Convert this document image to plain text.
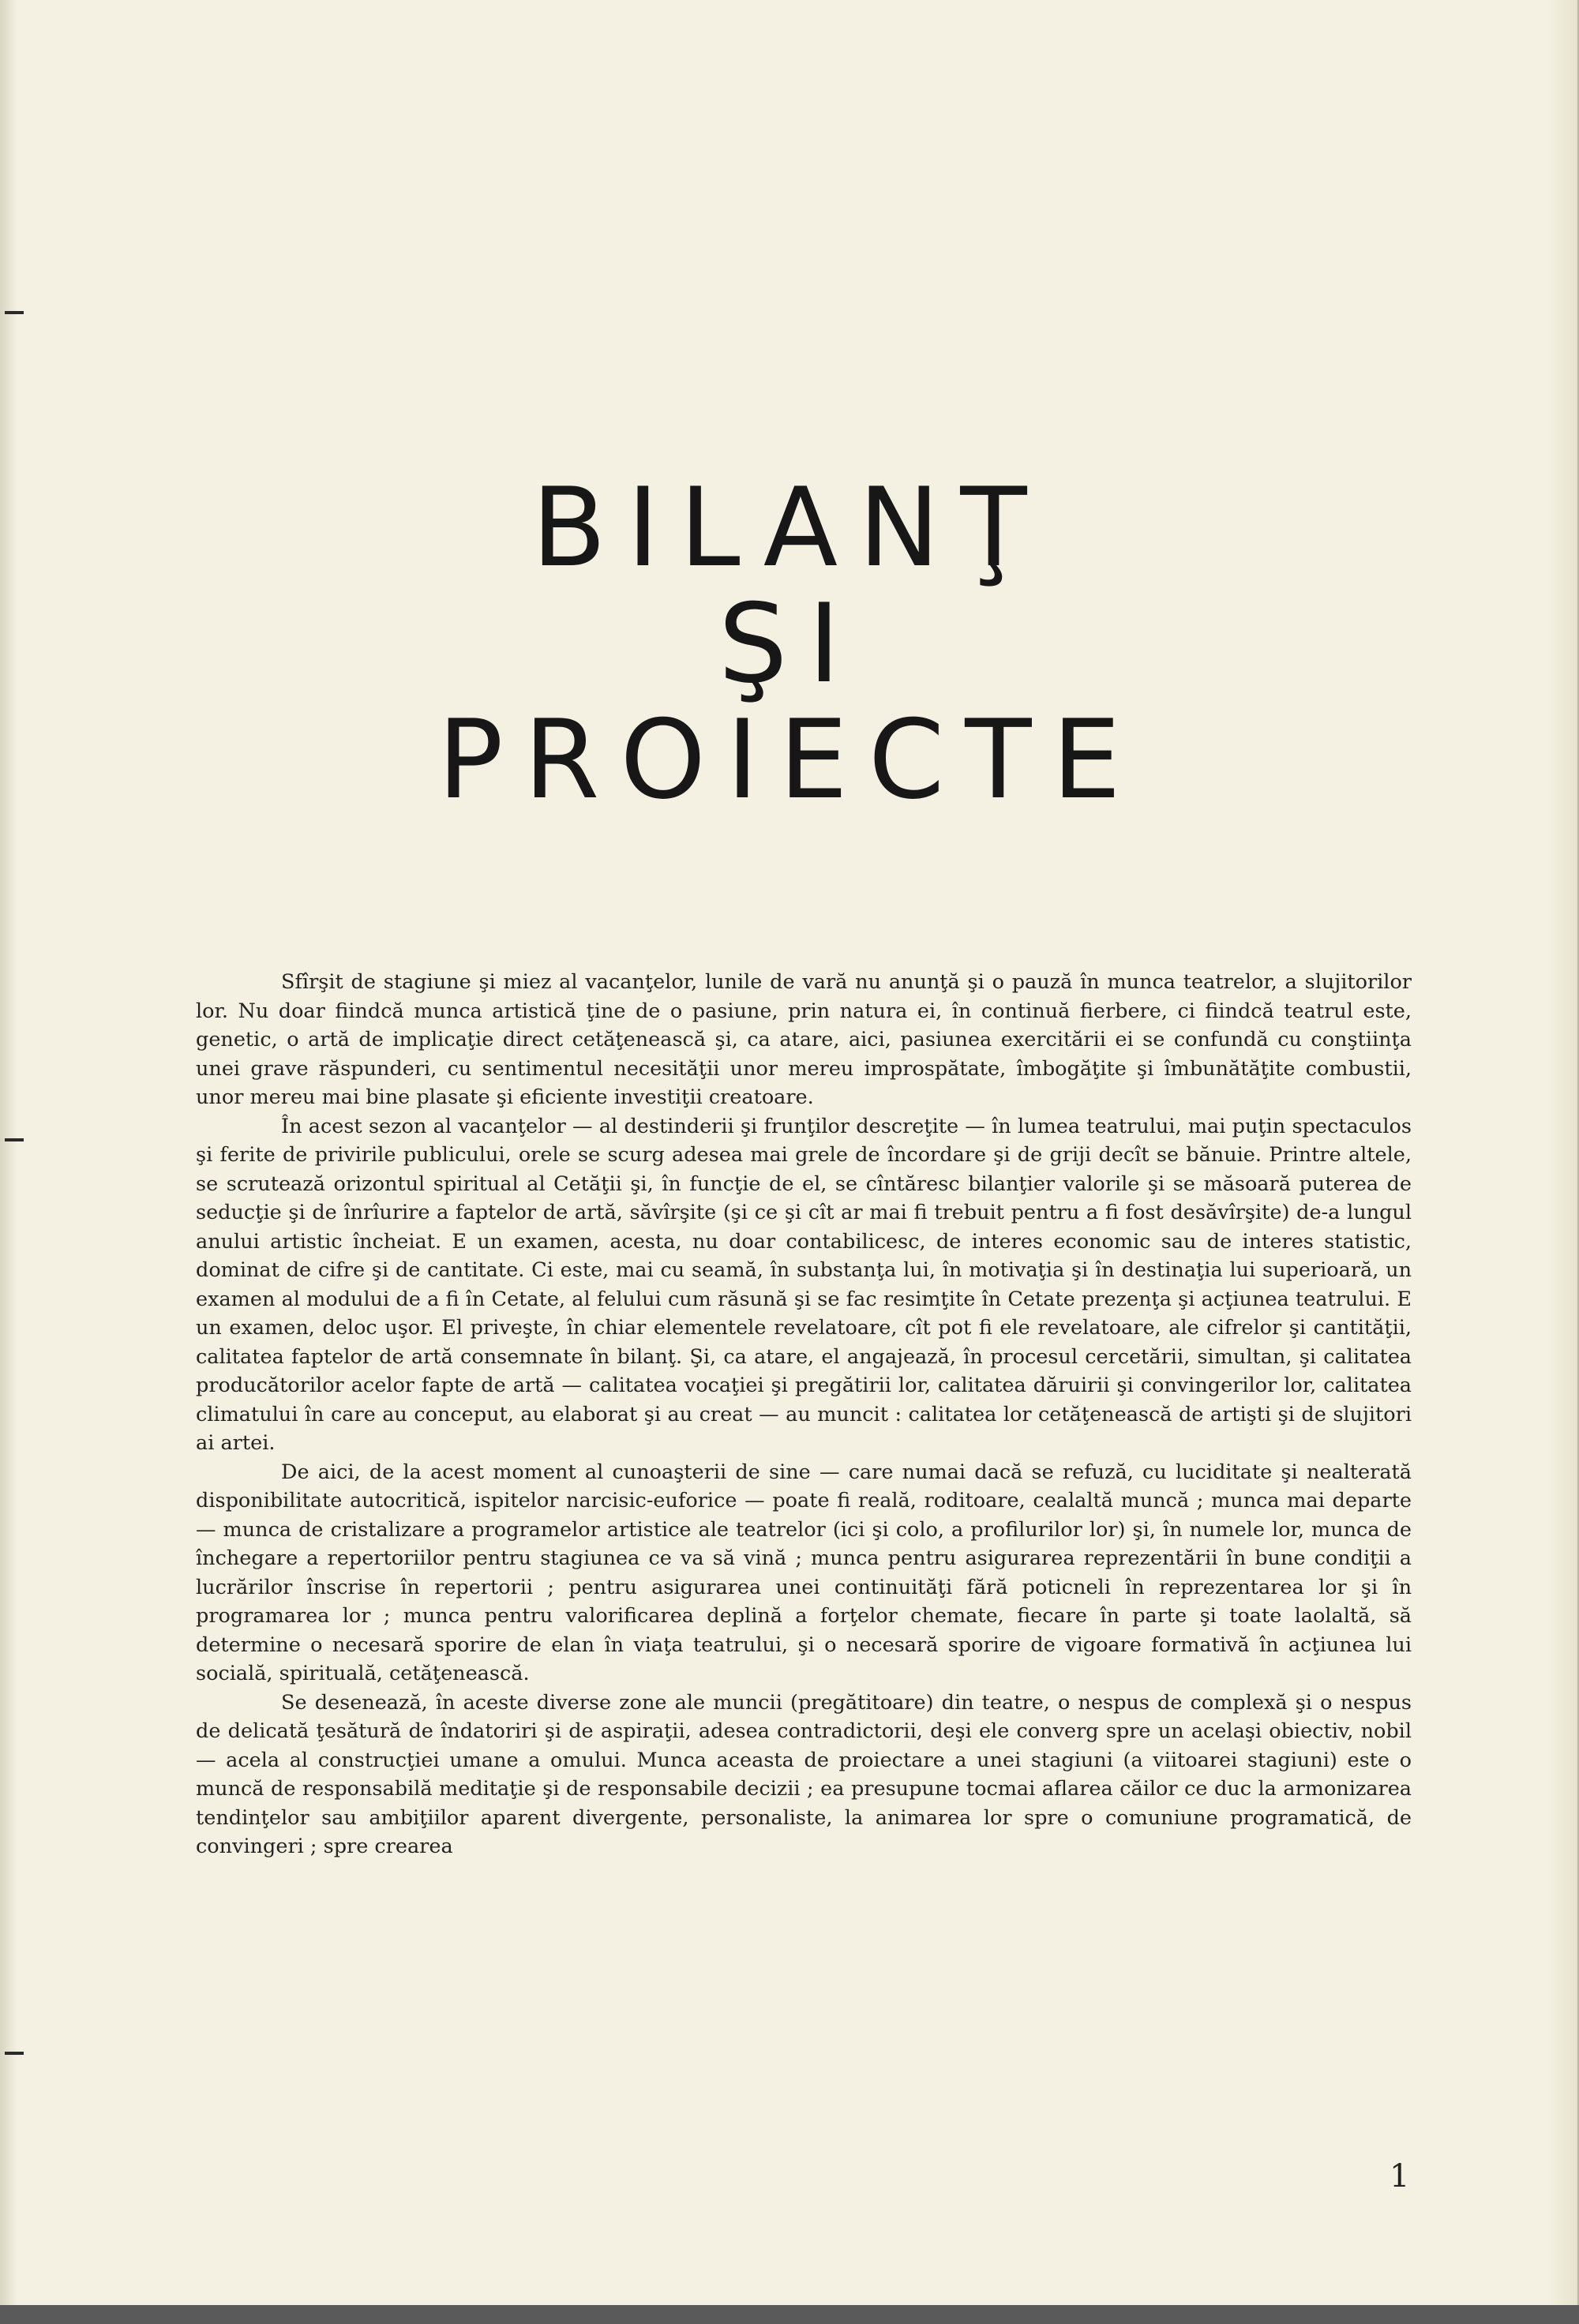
BILANŢ
ŞI
PROIECTE

Sfîrşit de stagiune şi miez al vacanţelor, lunile de vară nu anunţă şi o pauză în munca teatrelor, a slujitorilor lor. Nu doar fiindcă munca artistică ţine de o pasiune, prin natura ei, în continuă fierbere, ci fiindcă teatrul este, genetic, o artă de implicaţie direct cetăţenească şi, ca atare, aici, pasiunea exercitării ei se confundă cu conştiinţa unei grave răspunderi, cu sentimentul necesităţii unor mereu improspătate, îmbogăţite şi îmbunătăţite combustii, unor mereu mai bine plasate şi eficiente investiţii creatoare.

În acest sezon al vacanţelor — al destinderii şi frunţilor descreţite — în lumea teatrului, mai puţin spectaculos şi ferite de privirile publicului, orele se scurg adesea mai grele de încordare şi de griji decît se bănuie. Printre altele, se scrutează orizontul spiritual al Cetăţii şi, în funcţie de el, se cîntăresc bilanţier valorile şi se măsoară puterea de seducţie şi de înrîurire a faptelor de artă, săvîrşite (şi ce şi cît ar mai fi trebuit pentru a fi fost desăvîrşite) de-a lungul anului artistic încheiat. E un examen, acesta, nu doar contabilicesc, de interes economic sau de interes statistic, dominat de cifre şi de cantitate. Ci este, mai cu seamă, în substanţa lui, în motivaţia şi în destinaţia lui superioară, un examen al modului de a fi în Cetate, al felului cum răsună şi se fac resimţite în Cetate prezenţa şi acţiunea teatrului. E un examen, deloc uşor. El priveşte, în chiar elementele revelatoare, cît pot fi ele revelatoare, ale cifrelor şi cantităţii, calitatea faptelor de artă consemnate în bilanţ. Şi, ca atare, el angajează, în procesul cercetării, simultan, şi calitatea producătorilor acelor fapte de artă — calitatea vocaţiei şi pregătirii lor, calitatea dăruirii şi convingerilor lor, calitatea climatului în care au conceput, au elaborat şi au creat — au muncit : calitatea lor cetăţenească de artişti şi de slujitori ai artei.

De aici, de la acest moment al cunoaşterii de sine — care numai dacă se refuză, cu luciditate şi nealterată disponibilitate autocritică, ispitelor narcisic-euforice — poate fi reală, roditoare, cealaltă muncă ; munca mai departe — munca de cristalizare a programelor artistice ale teatrelor (ici şi colo, a profilurilor lor) şi, în numele lor, munca de închegare a repertoriilor pentru stagiunea ce va să vină ; munca pentru asigurarea reprezentării în bune condiţii a lucrărilor înscrise în repertorii ; pentru asigurarea unei continuităţi fără poticneli în reprezentarea lor şi în programarea lor ; munca pentru valorificarea deplină a forţelor chemate, fiecare în parte şi toate laolaltă, să determine o necesară sporire de elan în viaţa teatrului, şi o necesară sporire de vigoare formativă în acţiunea lui socială, spirituală, cetăţenească.

Se desenează, în aceste diverse zone ale muncii (pregătitoare) din teatre, o nespus de complexă şi o nespus de delicată ţesătură de îndatoriri şi de aspiraţii, adesea contradictorii, deşi ele converg spre un acelaşi obiectiv, nobil — acela al construcţiei umane a omului. Munca aceasta de proiectare a unei stagiuni (a viitoarei stagiuni) este o muncă de responsabilă meditaţie şi de responsabile decizii ; ea presupune tocmai aflarea căilor ce duc la armonizarea tendinţelor sau ambiţiilor aparent divergente, personaliste, la animarea lor spre o comuniune programatică, de convingeri ; spre crearea

1
